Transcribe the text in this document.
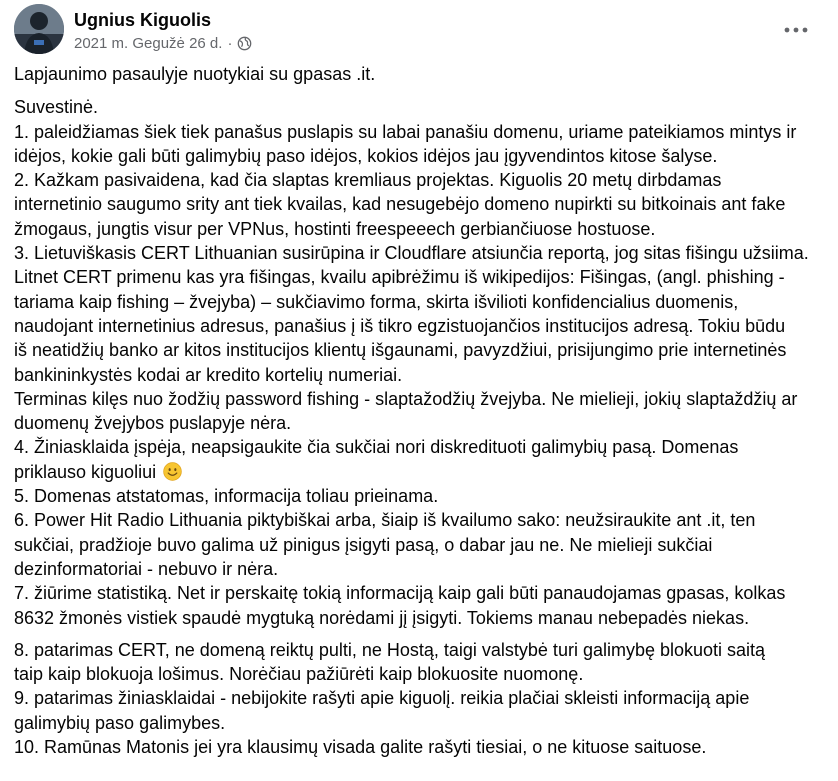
Ugnius Kiguolis
2021 m. Gegužė 26 d. ·

Lapjaunimo pasaulyje nuotykiai su gpasas .it.

Suvestinė.

1. paleidžiamas šiek tiek panašus puslapis su labai panašiu domenu, uriame pateikiamos mintys ir

idėjos, kokie gali būti galimybių paso idėjos, kokios idėjos jau įgyvendintos kitose šalyse.

2. Kažkam pasivaidena, kad čia slaptas kremliaus projektas. Kiguolis 20 metų dirbdamas

internetinio saugumo srity ant tiek kvailas, kad nesugebėjo domeno nupirkti su bitkoinais ant fake

žmogaus, jungtis visur per VPNus, hostinti freespeeech gerbiančiuose hostuose.

3. Lietuviškasis CERT Lithuanian susirūpina ir Cloudflare atsiunčia reportą, jog sitas fišingu užsiima.

Litnet CERT primenu kas yra fišingas, kvailu apibrėžimu iš wikipedijos: Fišingas, (angl. phishing -

tariama kaip fishing – žvejyba) – sukčiavimo forma, skirta išvilioti konfidencialius duomenis,

naudojant internetinius adresus, panašius į iš tikro egzistuojančios institucijos adresą. Tokiu būdu

iš neatidžių banko ar kitos institucijos klientų išgaunami, pavyzdžiui, prisijungimo prie internetinės

bankininkystės kodai ar kredito kortelių numeriai.

Terminas kilęs nuo žodžių password fishing - slaptažodžių žvejyba. Ne mielieji, jokių slaptaždžių ar

duomenų žvejybos puslapyje nėra.

4. Žiniasklaida įspėja, neapsigaukite čia sukčiai nori diskredituoti galimybių pasą. Domenas

priklauso kiguoliui

5. Domenas atstatomas, informacija toliau prieinama.

6. Power Hit Radio Lithuania piktybiškai arba, šiaip iš kvailumo sako: neužsiraukite ant .it, ten

sukčiai, pradžioje buvo galima už pinigus įsigyti pasą, o dabar jau ne. Ne mielieji sukčiai

dezinformatoriai - nebuvo ir nėra.

7. žiūrime statistiką. Net ir perskaitę tokią informaciją kaip gali būti panaudojamas gpasas, kolkas

8632 žmonės vistiek spaudė mygtuką norėdami jį įsigyti. Tokiems manau nebepadės niekas.

8. patarimas CERT, ne domeną reiktų pulti, ne Hostą, taigi valstybė turi galimybę blokuoti saitą

taip kaip blokuoja lošimus. Norėčiau pažiūrėti kaip blokuosite nuomonę.

9. patarimas žiniasklaidai - nebijokite rašyti apie kiguolį. reikia plačiai skleisti informaciją apie

galimybių paso galimybes.

10. Ramūnas Matonis jei yra klausimų visada galite rašyti tiesiai, o ne kituose saituose.
